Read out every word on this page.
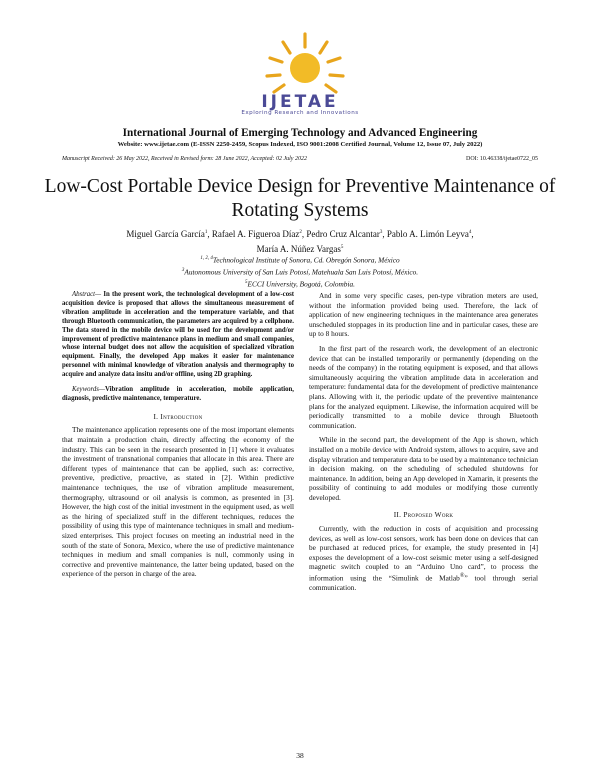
IJETAE
Exploring Research and Innovations
International Journal of Emerging Technology and Advanced Engineering
Website: www.ijetae.com (E-ISSN 2250-2459, Scopus Indexed, ISO 9001:2008 Certified Journal, Volume 12, Issue 07, July 2022)
Manuscript Received: 26 May 2022, Received in Revised form: 28 June 2022, Accepted: 02 July 2022	DOI: 10.46338/ijetae0722_05
Low-Cost Portable Device Design for Preventive Maintenance of Rotating Systems
Miguel García García$^1$, Rafael A. Figueroa Díaz$^2$, Pedro Cruz Alcantar$^3$, Pablo A. Limón Leyva$^4$,
María A. Núñez Vargas$^5$
$^{1, 2, 4}$Technological Institute of Sonora, Cd. Obregón Sonora, México
$^3$Autonomous University of San Luis Potosí, Matehuala San Luis Potosí, México.
$^5$ECCI University, Bogotá, Colombia.

Abstract— In the present work, the technological development of a low-cost acquisition device is proposed that allows the simultaneous measurement of vibration amplitude in acceleration and the temperature variable, and that through Bluetooth communication, the parameters are acquired by a cellphone. The data stored in the mobile device will be used for the development and/or improvement of predictive maintenance plans in medium and small companies, whose internal budget does not allow the acquisition of specialized vibration equipment. Finally, the developed App makes it easier for maintenance personnel with minimal knowledge of vibration analysis and thermography to acquire and analyze data insitu and/or offline, using 2D graphing.

Keywords—Vibration amplitude in acceleration, mobile application, diagnosis, predictive maintenance, temperature.

I. Introduction

The maintenance application represents one of the most important elements that maintain a production chain, directly affecting the economy of the industry. This can be seen in the research presented in [1] where it evaluates the investment of transnational companies that allocate in this area. There are different types of maintenance that can be applied, such as: corrective, preventive, predictive, proactive, as stated in [2]. Within predictive maintenance techniques, the use of vibration amplitude measurement, thermography, ultrasound or oil analysis is common, as presented in [3]. However, the high cost of the initial investment in the equipment used, as well as the hiring of specialized stuff in the different techniques, reduces the possibility of using this type of maintenance techniques in small and medium-sized enterprises. This project focuses on meeting an industrial need in the south of the state of Sonora, Mexico, where the use of predictive maintenance techniques in medium and small companies is null, commonly using in corrective and preventive maintenance, the latter being updated, based on the experience of the person in charge of the area.

And in some very specific cases, pen-type vibration meters are used, without the information provided being used. Therefore, the lack of application of new engineering techniques in the maintenance area generates unscheduled stoppages in its production line and in particular cases, these are up to 8 hours.

In the first part of the research work, the development of an electronic device that can be installed temporarily or permanently (depending on the needs of the company) in the rotating equipment is exposed, and that allows simultaneously acquiring the vibration amplitude data in acceleration and temperature: fundamental data for the development of predictive maintenance plans. Allowing with it, the periodic update of the preventive maintenance plans for the analyzed equipment. Likewise, the information acquired will be periodically transmitted to a mobile device through Bluetooth communication.

While in the second part, the development of the App is shown, which installed on a mobile device with Android system, allows to acquire, save and display vibration and temperature data to be used by a maintenance technician in decision making. on the scheduling of scheduled shutdowns for maintenance. In addition, being an App developed in Xamarin, it presents the possibility of continuing to add modules or modifying those currently developed.

II. Proposed Work

Currently, with the reduction in costs of acquisition and processing devices, as well as low-cost sensors, work has been done on devices that can be purchased at reduced prices, for example, the study presented in [4] exposes the development of a low-cost seismic meter using a self-designed magnetic switch coupled to an “Arduino Uno card”, to process the information using the “Simulink de Matlab®” tool through serial communication.

38
